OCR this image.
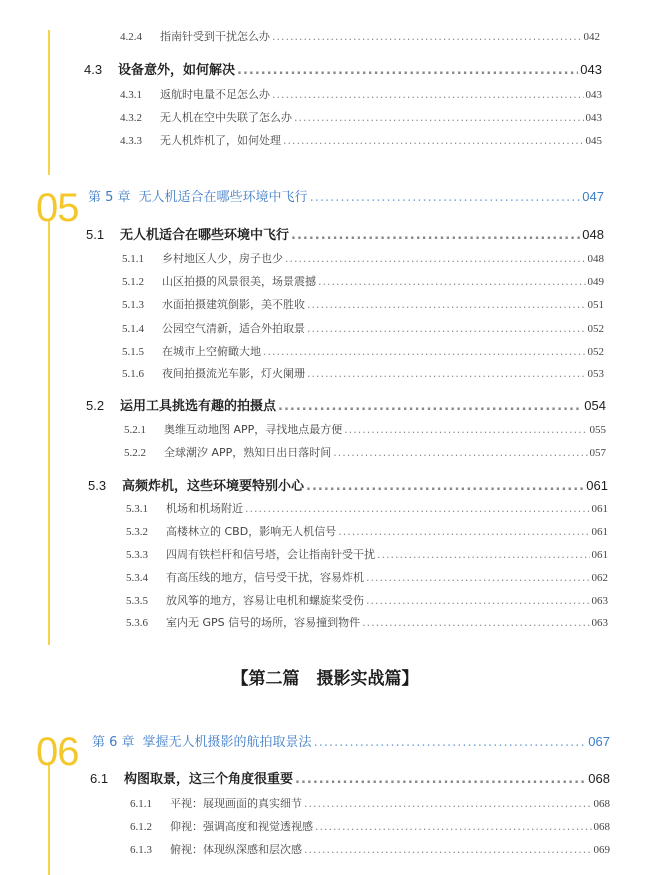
4.2.4	指南针受到干扰怎么办 .....	042
4.3	设备意外，如何解决 .....	043
4.3.1	返航时电量不足怎么办 .....	043
4.3.2	无人机在空中失联了怎么办 .....	043
4.3.3	无人机炸机了，如何处理 .....	045
05 第 5 章 无人机适合在哪些环境中飞行 .....	047
5.1	无人机适合在哪些环境中飞行 .....	048
5.1.1	乡村地区人少，房子也少 .....	048
5.1.2	山区拍摄的风景很美，场景震撼 .....	049
5.1.3	水面拍摄建筑倒影，美不胜收 .....	051
5.1.4	公园空气清新，适合外拍取景 .....	052
5.1.5	在城市上空俯瞰大地 .....	052
5.1.6	夜间拍摄流光车影，灯火阑珊 .....	053
5.2	运用工具挑选有趣的拍摄点 .....	054
5.2.1	奥维互动地图 APP，寻找地点最方便 .....	055
5.2.2	全球潮汐 APP，熟知日出日落时间 .....	057
5.3	高频炸机，这些环境要特别小心 .....	061
5.3.1	机场和机场附近 .....	061
5.3.2	高楼林立的 CBD，影响无人机信号 .....	061
5.3.3	四周有铁栏杆和信号塔，会让指南针受干扰 .....	061
5.3.4	有高压线的地方，信号受干扰，容易炸机 .....	062
5.3.5	放风筝的地方，容易让电机和螺旋桨受伤 .....	063
5.3.6	室内无 GPS 信号的场所，容易撞到物件 .....	063
【第二篇　摄影实战篇】
06 第 6 章 掌握无人机摄影的航拍取景法 .....	067
6.1	构图取景，这三个角度很重要 .....	068
6.1.1	平视：展现画面的真实细节 .....	068
6.1.2	仰视：强调高度和视觉透视感 .....	068
6.1.3	俯视：体现纵深感和层次感 .....	069
